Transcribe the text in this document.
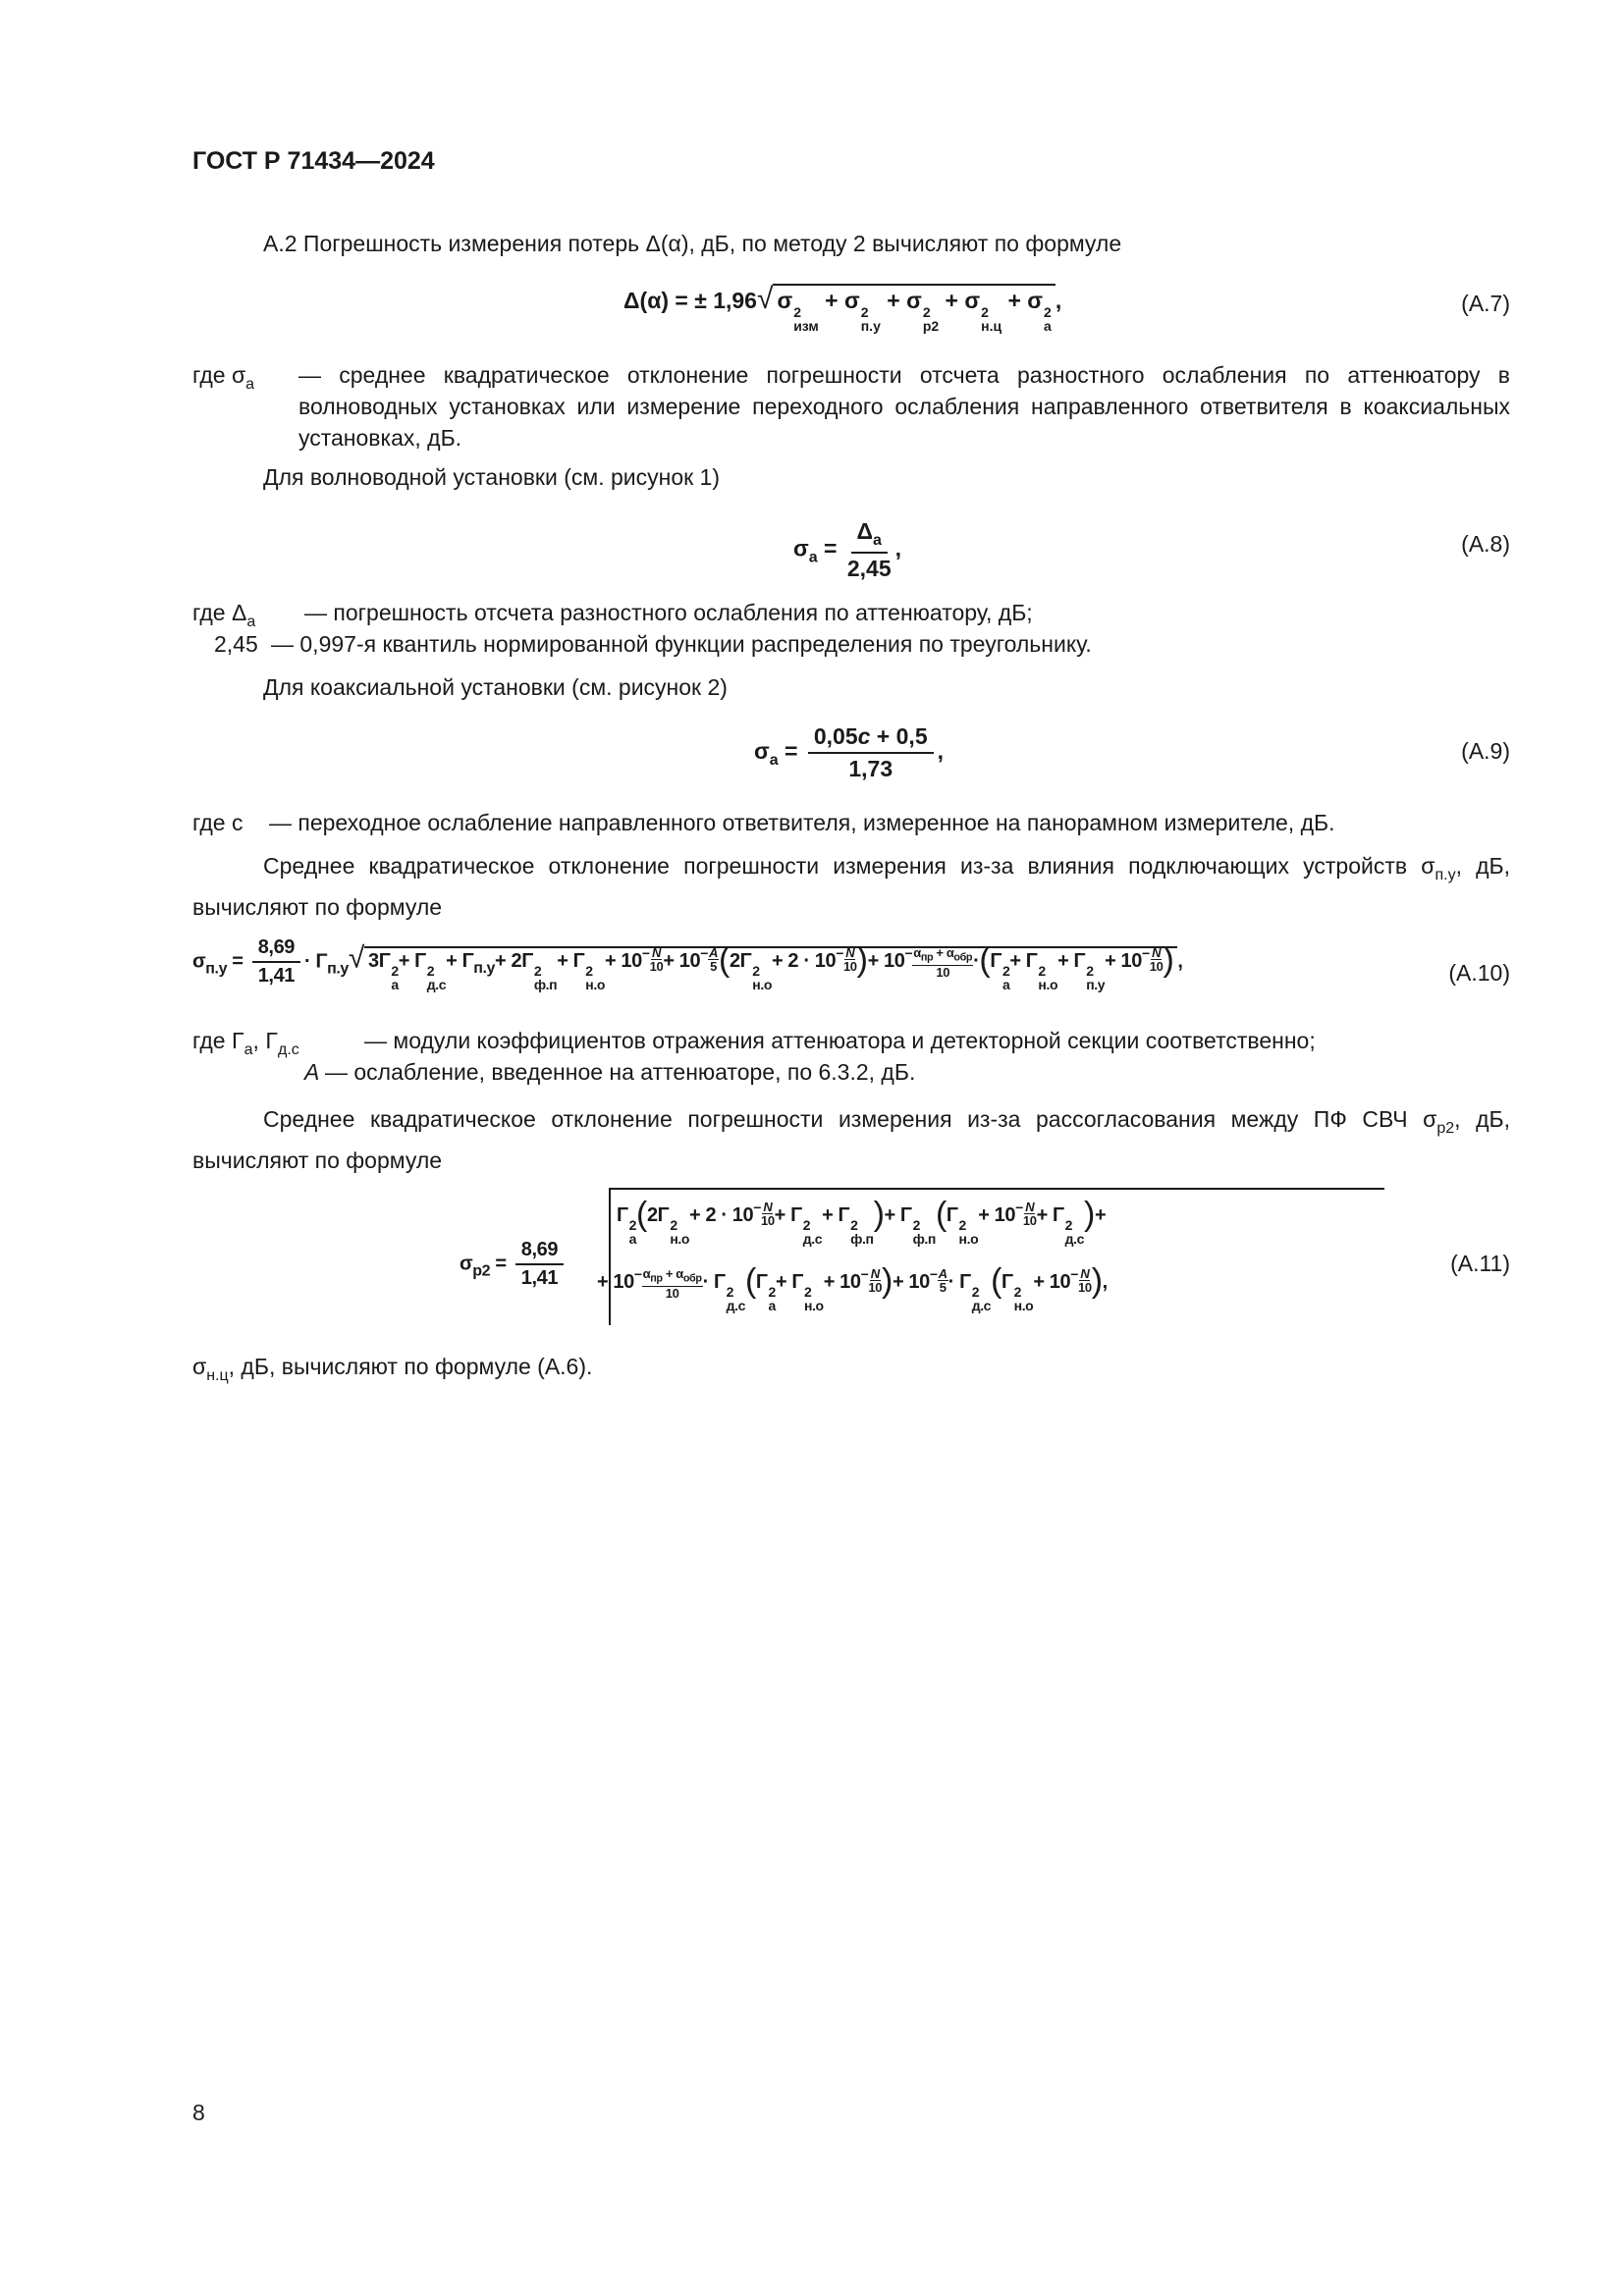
ГОСТ Р 71434—2024
А.2 Погрешность измерения потерь Δ(α), дБ, по методу 2 вычисляют по формуле
Δ(α) = ± 1,96√ σ 2
изм
+ σ 2
п.у
+ σ 2
р2
+ σ 2
н.ц
+ σ 2
а
,	(А.7)
где $\sigma_а$	— среднее квадратическое отклонение погрешности отсчета разностного ослабления по аттенюатору в волноводных установках или измерение переходного ослабления направленного ответвителя в коаксиальных установках, дБ.
Для волноводной установки (см. рисунок 1)
$\sigma_а = \frac{\Delta_а}{2,45}$ ,	(А.8)
где $\Delta_а$ — погрешность отсчета разностного ослабления по аттенюатору, дБ;
2,45 — 0,997-я квантиль нормированной функции распределения по треугольнику.
Для коаксиальной установки (см. рисунок 2)
$\sigma_а = \frac{0,05c + 0,5}{1,73}$ ,	(А.9)
где c — переходное ослабление направленного ответвителя, измеренное на панорамном измерителе, дБ.
Среднее квадратическое отклонение погрешности измерения из-за влияния подключающих устройств $\sigma_{п.у}$, дБ, вычисляют по формуле
$\sigma_{п.у} = \frac{8,69}{1,41} \cdot \Gamma_{п.у}√$ 3Γ 2
а
+ Γ 2
д.с
+ $\Gamma_{п.у}+ 2\Gamma$ 2
ф.п
+ Γ 2
н.о
+ $10^- \frac{N}{10} + 10^- \frac{A}{5} (2\Gamma$ 2
н.о
+ $2 \cdot 10^- \frac{N}{10}$ )+ 10− $\alpha_{пр} + \alpha_{обр}$
10
·(Γ 2
а
+ Γ 2
н.о
+ Γ 2
п.у
+ $10^- \frac{N}{10}$ ) ,	(А.10)
где $\Gamma_а$, $\Gamma_{д.с}$	— модули коэффициентов отражения аттенюатора и детекторной секции соответственно;
A — ослабление, введенное на аттенюаторе, по 6.3.2, дБ.
Среднее квадратическое отклонение погрешности измерения из-за рассогласования между ПФ СВЧ $\sigma_{р2}$, дБ, вычисляют по формуле
$\sigma_{р2} = \frac{8,69}{1,41}$
Γ 2
а
(2Γ 2
н.о
+ $2 \cdot 10^- \frac{N}{10} + \Gamma$ 2
д.с
+ Γ 2
ф.п
)+ Γ 2
ф.п
(Γ 2
н.о
+ $10^- \frac{N}{10} + \Gamma$ 2
д.с
)+
+ 10− $\alpha_{пр} + \alpha_{обр}$
10
· Γ 2
д.с
(Γ 2
а
+ Γ 2
н.о
+ $10^- \frac{N}{10}$ )+ $10^- \frac{A}{5} \cdot \Gamma$ 2
д.с
(Γ 2
н.о
+ $10^- \frac{N}{10}$ ),
(А.11)
$\sigma_{н.ц}$, дБ, вычисляют по формуле (А.6).
8
